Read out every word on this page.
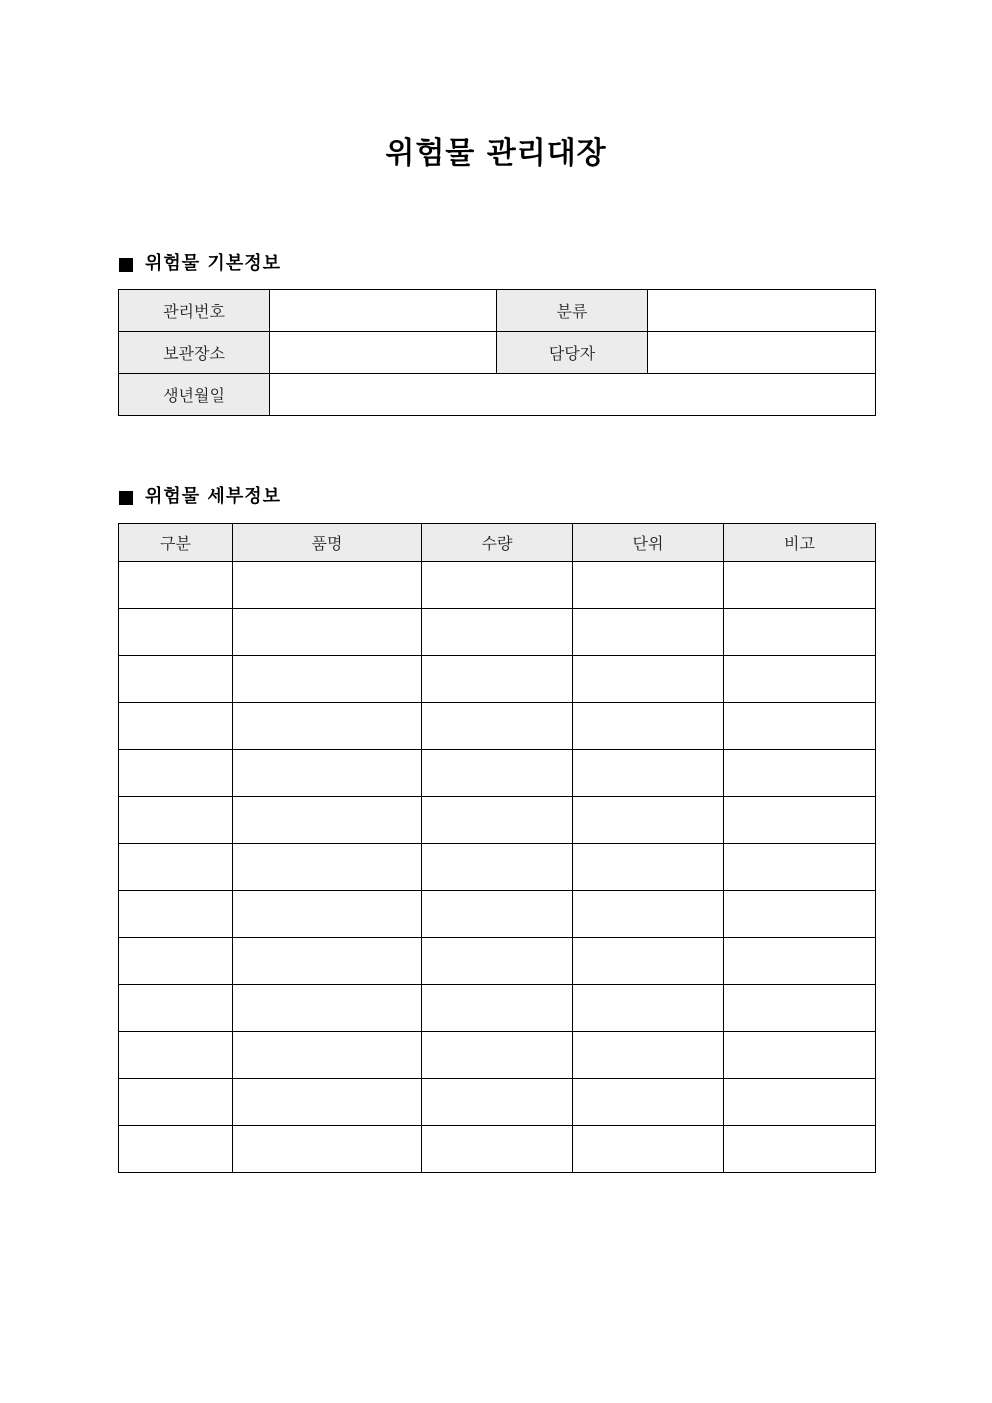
위험물 관리대장
위험물 기본정보
관리번호		분류	
보관장소		담당자	
생년월일			
위험물 세부정보
구분	품명	수량	단위	비고
